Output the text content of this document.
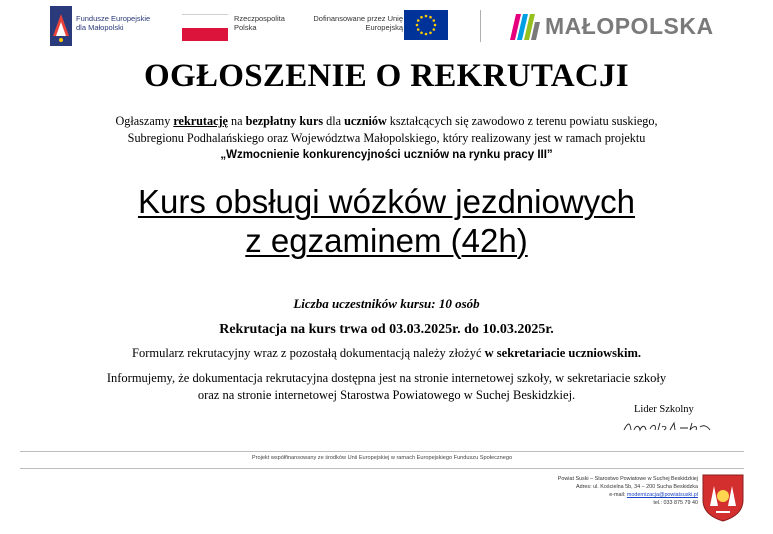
Fundusze Europejskie dla Małopolski
Rzeczpospolita Polska
Dofinansowane przez Unię Europejską	MAŁOPOLSKA
OGŁOSZENIE O REKRUTACJI
Ogłaszamy rekrutację na bezpłatny kurs dla uczniów kształcących się zawodowo z terenu powiatu suskiego,
Subregionu Podhalańskiego oraz Województwa Małopolskiego, który realizowany jest w ramach projektu
„Wzmocnienie konkurencyjności uczniów na rynku pracy III”
Kurs obsługi wózków jezdniowych
z egzaminem (42h)
Liczba uczestników kursu: 10 osób
Rekrutacja na kurs trwa od 03.03.2025r. do 10.03.2025r.
Formularz rekrutacyjny wraz z pozostałą dokumentacją należy złożyć w sekretariacie uczniowskim.
Informujemy, że dokumentacja rekrutacyjna dostępna jest na stronie internetowej szkoły, w sekretariacie szkoły
oraz na stronie internetowej Starostwa Powiatowego w Suchej Beskidzkiej.
Lider Szkolny
Projekt współfinansowany ze środków Unii Europejskiej w ramach Europejskiego Funduszu Społecznego
Powiat Suski – Starostwo Powiatowe w Suchej Beskidzkiej
Adres: ul. Kościelna 5b, 34 – 200 Sucha Beskidzka
e-mail: modernizacja@powiatsuski.pl
tel.: 033 875 79 40
